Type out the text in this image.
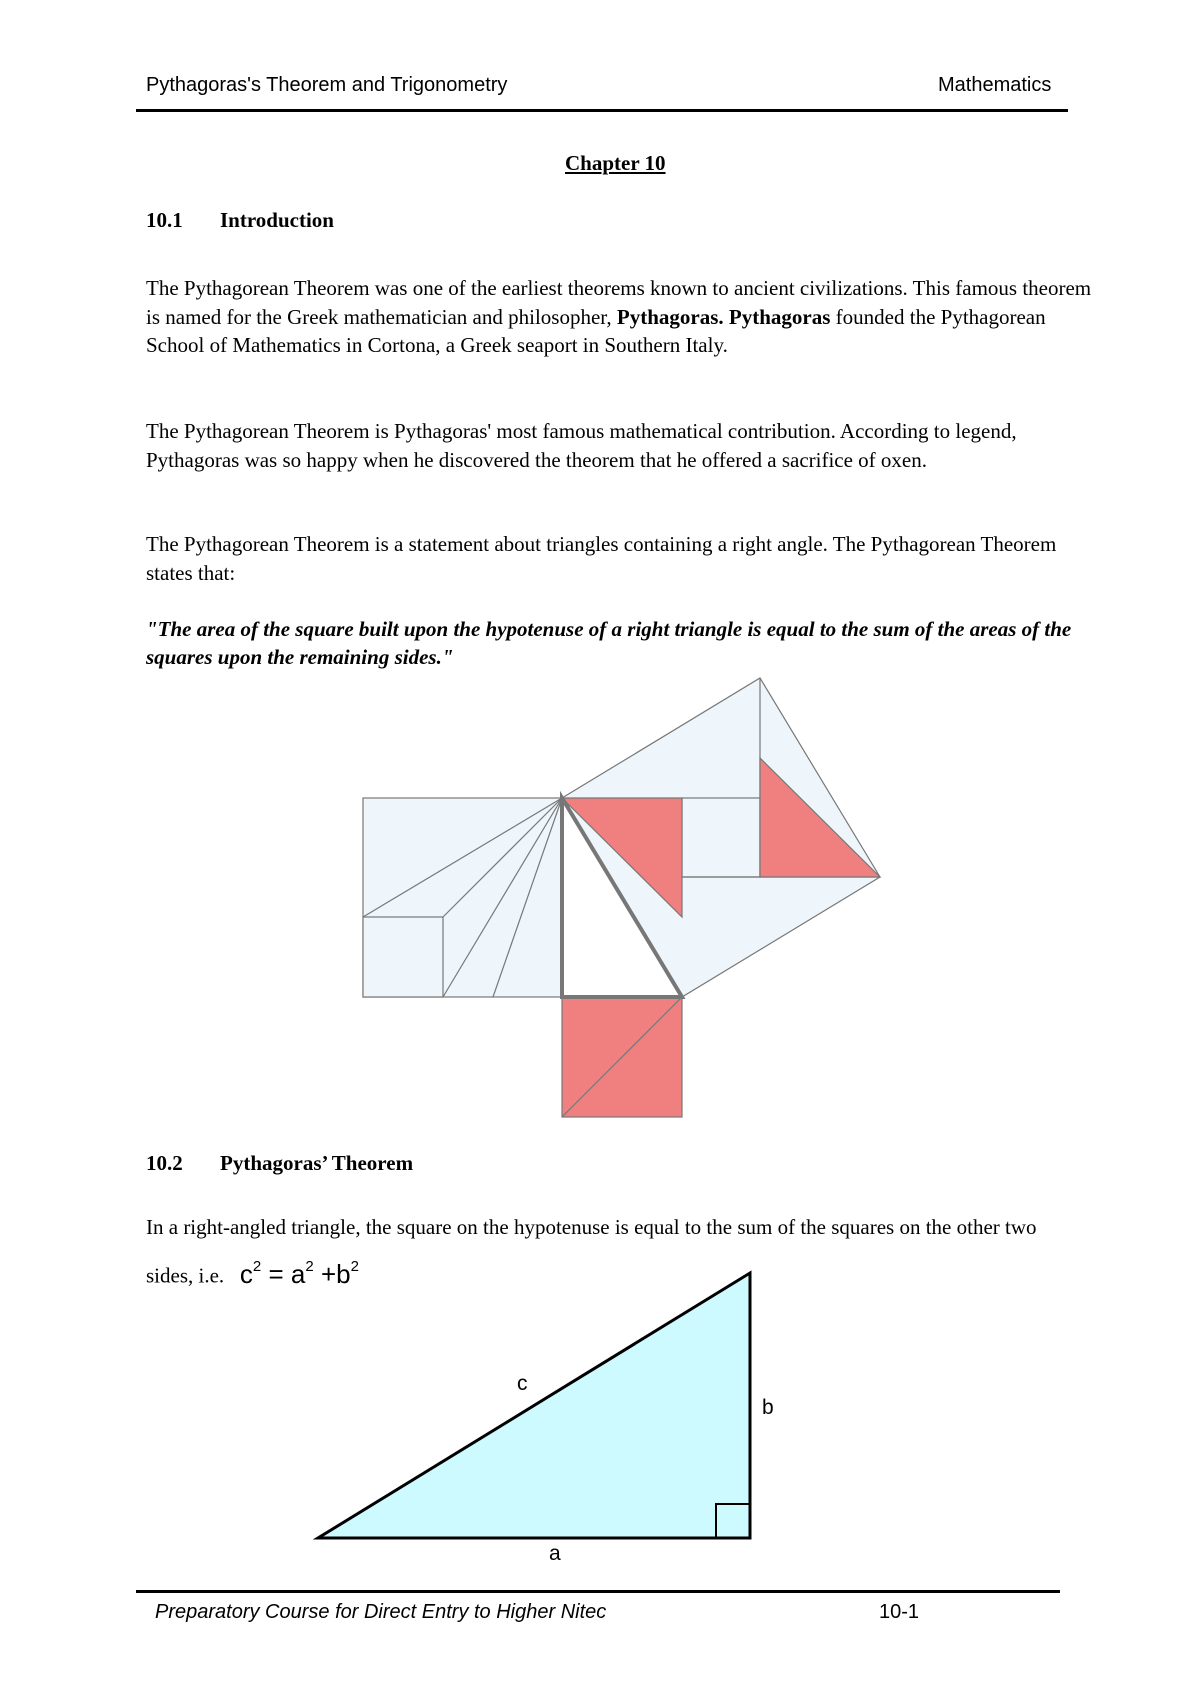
Pythagoras's Theorem and Trigonometry	Mathematics
Chapter 10
10.1 Introduction
The Pythagorean Theorem was one of the earliest theorems known to ancient civilizations. This famous theorem is named for the Greek mathematician and philosopher, Pythagoras. Pythagoras founded the Pythagorean School of Mathematics in Cortona, a Greek seaport in Southern Italy.
The Pythagorean Theorem is Pythagoras' most famous mathematical contribution. According to legend, Pythagoras was so happy when he discovered the theorem that he offered a sacrifice of oxen.
The Pythagorean Theorem is a statement about triangles containing a right angle. The Pythagorean Theorem states that:
"The area of the square built upon the hypotenuse of a right triangle is equal to the sum of the areas of the squares upon the remaining sides."
10.2 Pythagoras’ Theorem
In a right-angled triangle, the square on the hypotenuse is equal to the sum of the squares on the other two sides, i.e. $c^2 = a^2 +b^2$
c
b
a
Preparatory Course for Direct Entry to Higher Nitec	10-1
